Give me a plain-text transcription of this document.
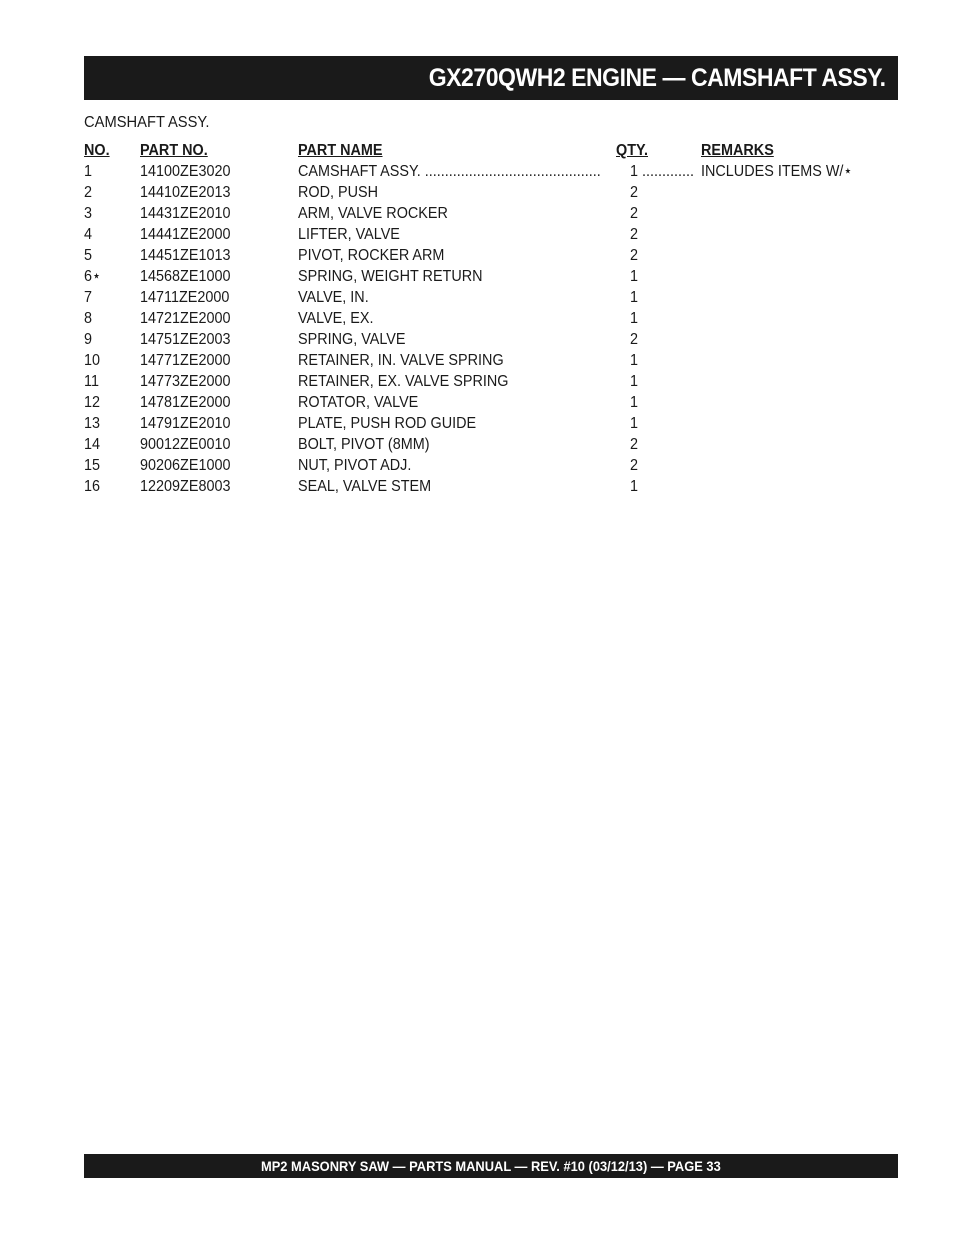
GX270QWH2 ENGINE — CAMSHAFT ASSY.
CAMSHAFT ASSY.
NO. PART NO.	PART NAME	QTY.	REMARKS
1	14100ZE3020	CAMSHAFT ASSY. ............................................	1 ............. INCLUDES ITEMS W/⋆
2	14410ZE2013	ROD, PUSH	2
3	14431ZE2010	ARM, VALVE ROCKER	2
4	14441ZE2000	LIFTER, VALVE	2
5	14451ZE1013	PIVOT, ROCKER ARM	2
6⋆ 14568ZE1000	SPRING, WEIGHT RETURN	1
7	14711ZE2000	VALVE, IN.	1
8	14721ZE2000	VALVE, EX.	1
9	14751ZE2003	SPRING, VALVE	2
10 14771ZE2000	RETAINER, IN. VALVE SPRING	1
11	14773ZE2000	RETAINER, EX. VALVE SPRING	1
12 14781ZE2000	ROTATOR, VALVE	1
13 14791ZE2010	PLATE, PUSH ROD GUIDE	1
14 90012ZE0010	BOLT, PIVOT (8MM)	2
15 90206ZE1000	NUT, PIVOT ADJ.	2
16 12209ZE8003	SEAL, VALVE STEM	1
MP2 MASONRY SAW — PARTS MANUAL — REV. #10 (03/12/13) — PAGE 33
